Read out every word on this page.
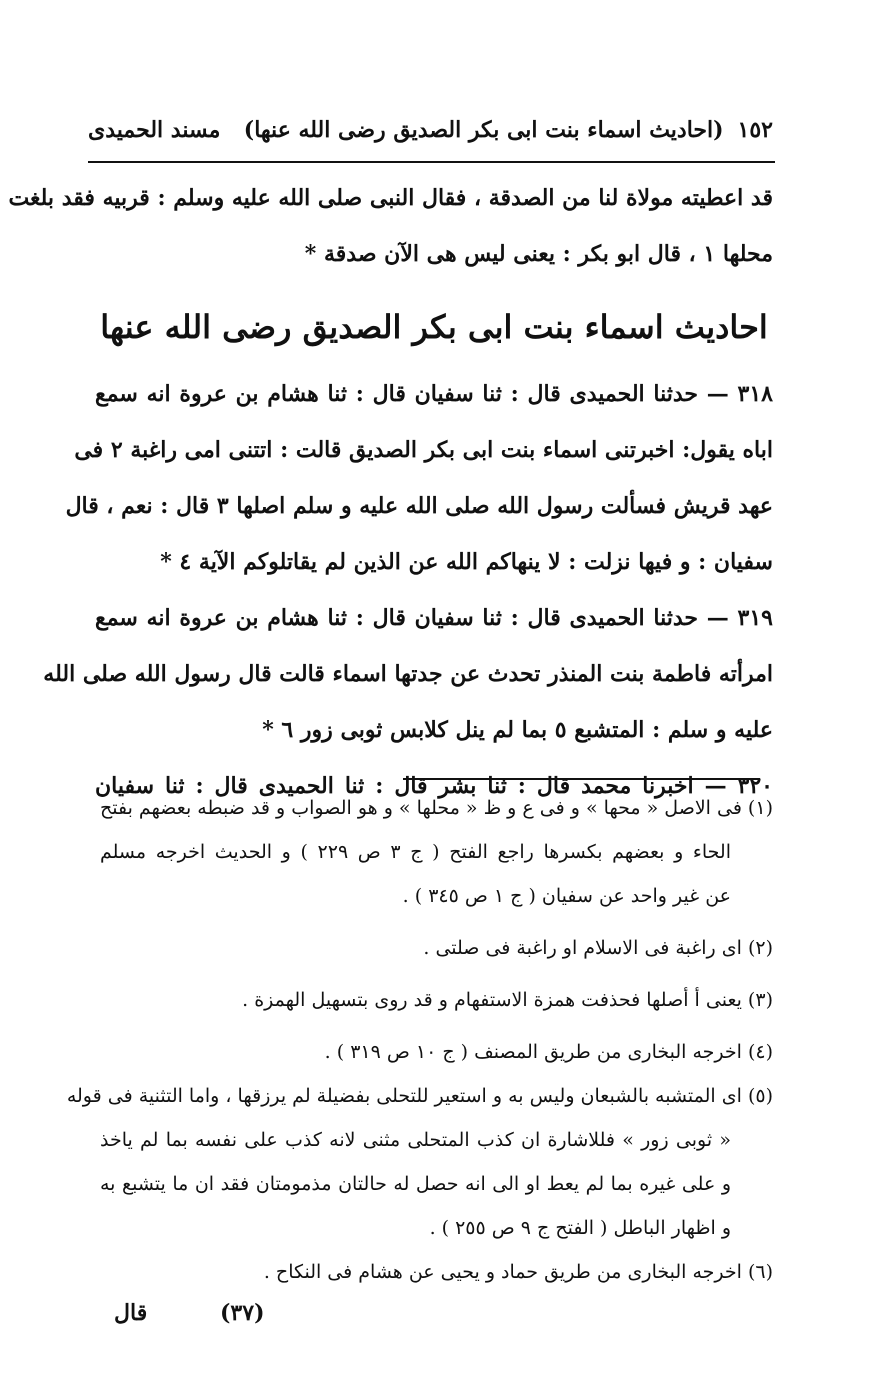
١٥٢
(احاديث اسماء بنت ابى بكر الصديق رضى الله عنها)
مسند الحميدى
قد اعطيته مولاة لنا من الصدقة ، فقال النبى صلى الله عليه وسلم : قربيه فقد بلغت
محلها ١ ، قال ابو بكر : يعنى ليس هى الآن صدقة *
احاديث اسماء بنت ابى بكر الصديق رضى الله عنها
٣١٨ — حدثنا الحميدى قال : ثنا سفيان قال : ثنا هشام بن عروة انه سمع
اباه يقول: اخبرتنى اسماء بنت ابى بكر الصديق قالت : اتتنى امى راغبة ٢ فى
عهد قريش فسألت رسول الله صلى الله عليه و سلم اصلها ٣ قال : نعم ، قال
سفيان : و فيها نزلت : لا ينهاكم الله عن الذين لم يقاتلوكم الآية ٤ *
٣١٩ — حدثنا الحميدى قال : ثنا سفيان قال : ثنا هشام بن عروة انه سمع
امرأته فاطمة بنت المنذر تحدث عن جدتها اسماء قالت قال رسول الله صلى الله
عليه و سلم : المتشبع ٥ بما لم ينل كلابس ثوبى زور ٦ *
٣٢٠ — اخبرنا محمد قال : ثنا بشر قال : ثنا الحميدى قال : ثنا سفيان
(١) فى الاصل « محها » و فى ع و ظ « محلها » و هو الصواب و قد ضبطه بعضهم بفتح
الحاء و بعضهم بكسرها راجع الفتح ( ج ٣ ص ٢٢٩ ) و الحديث اخرجه مسلم
عن غير واحد عن سفيان ( ج ١ ص ٣٤٥ ) .
(٢) اى راغبة فى الاسلام او راغبة فى صلتى .
(٣) يعنى أ أصلها فحذفت همزة الاستفهام و قد روى بتسهيل الهمزة .
(٤) اخرجه البخارى من طريق المصنف ( ج ١٠ ص ٣١٩ ) .
(٥) اى المتشبه بالشبعان وليس به و استعير للتحلى بفضيلة لم يرزقها ، واما التثنية فى قوله
« ثوبى زور » فللاشارة ان كذب المتحلى مثنى لانه كذب على نفسه بما لم ياخذ
و على غيره بما لم يعط او الى انه حصل له حالتان مذمومتان فقد ان ما يتشبع به
و اظهار الباطل ( الفتح ج ٩ ص ٢٥٥ ) .
(٦) اخرجه البخارى من طريق حماد و يحيى عن هشام فى النكاح .
(٣٧)
قال
